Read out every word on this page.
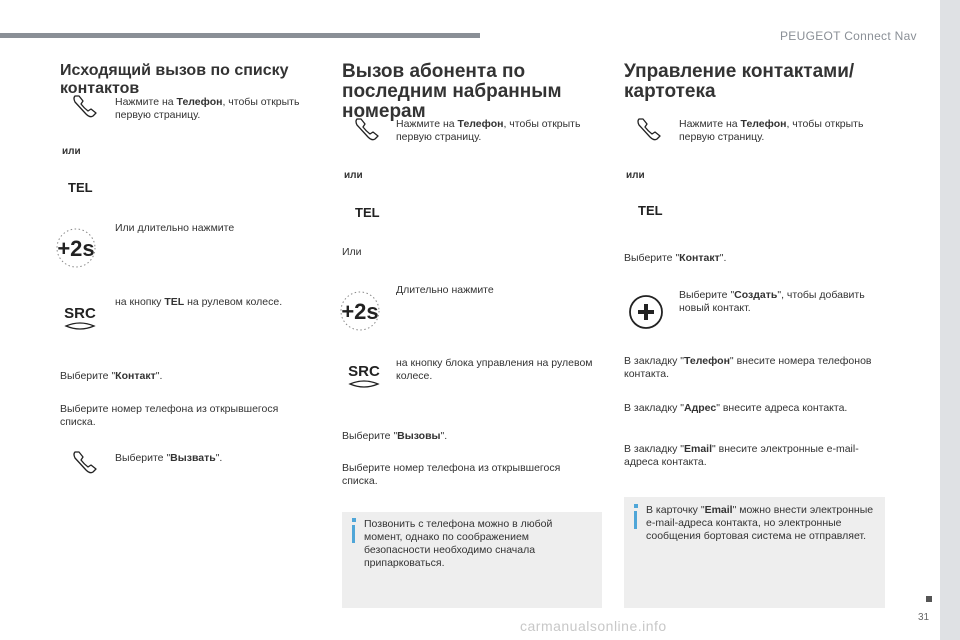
PEUGEOT Connect Nav
31
carmanualsonline.info
Исходящий вызов по списку контактов
Нажмите на Телефон, чтобы открыть первую страницу.
или
TEL
Или длительно нажмите
на кнопку TEL на рулевом колесе.
Выберите "Контакт".
Выберите номер телефона из открывшегося списка.
Выберите "Вызвать".
Вызов абонента по последним набранным номерам
Нажмите на Телефон, чтобы открыть первую страницу.
или
TEL
Или
Длительно нажмите
на кнопку блока управления на рулевом колесе.
Выберите "Вызовы".
Выберите номер телефона из открывшегося списка.
Позвонить с телефона можно в любой момент, однако по соображением безопасности необходимо сначала припарковаться.
Управление контактами/картотека
Нажмите на Телефон, чтобы открыть первую страницу.
или
TEL
Выберите "Контакт".
Выберите "Создать", чтобы добавить новый контакт.
В закладку "Телефон" внесите номера телефонов контакта.
В закладку "Адрес" внесите адреса контакта.
В закладку "Email" внесите электронные e-mail-адреса контакта.
В карточку "Email" можно внести электронные e-mail-адреса контакта, но электронные сообщения бортовая система не отправляет.
